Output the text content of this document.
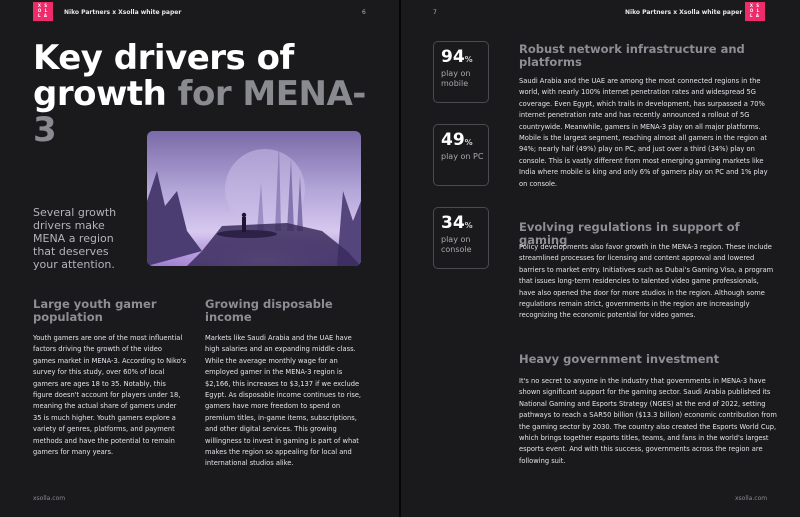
X S
O L
L A	Niko Partners x Xsolla white paper	6
Key drivers of
growth for MENA-3
Several growth drivers make MENA a region that deserves your attention.
Large youth gamer population

Youth gamers are one of the most influential factors driving the growth of the video games market in MENA-3. According to Niko's survey for this study, over 60% of local gamers are ages 18 to 35. Notably, this figure doesn't account for players under 18, meaning the actual share of gamers under 35 is much higher. Youth gamers explore a variety of genres, platforms, and payment methods and have the potential to remain gamers for many years.

Growing disposable income

Markets like Saudi Arabia and the UAE have high salaries and an expanding middle class. While the average monthly wage for an employed gamer in the MENA-3 region is $2,166, this increases to $3,137 if we exclude Egypt. As disposable income continues to rise, gamers have more freedom to spend on premium titles, in-game items, subscriptions, and other digital services. This growing willingness to invest in gaming is part of what makes the region so appealing for local and international studios alike.

xsolla.com
7	Niko Partners x Xsolla white paper
X S
O L
L A
94%
play on mobile
49%
play on PC
34%
play on console
Robust network infrastructure and platforms

Saudi Arabia and the UAE are among the most connected regions in the world, with nearly 100% internet penetration rates and widespread 5G coverage. Even Egypt, which trails in development, has surpassed a 70% internet penetration rate and has recently announced a rollout of 5G countrywide. Meanwhile, gamers in MENA-3 play on all major platforms. Mobile is the largest segment, reaching almost all gamers in the region at 94%; nearly half (49%) play on PC, and just over a third (34%) play on console. This is vastly different from most emerging gaming markets like India where mobile is king and only 6% of gamers play on PC and 1% play on console.

Evolving regulations in support of gaming

Policy developments also favor growth in the MENA-3 region. These include streamlined processes for licensing and content approval and lowered barriers to market entry. Initiatives such as Dubai's Gaming Visa, a program that issues long-term residencies to talented video game professionals, have also opened the door for more studios in the region. Although some regulations remain strict, governments in the region are increasingly recognizing the economic potential for video games.

Heavy government investment

It's no secret to anyone in the industry that governments in MENA-3 have shown significant support for the gaming sector. Saudi Arabia published its National Gaming and Esports Strategy (NGES) at the end of 2022, setting pathways to reach a SAR50 billion ($13.3 billion) economic contribution from the gaming sector by 2030. The country also created the Esports World Cup, which brings together esports titles, teams, and fans in the world's largest esports event. And with this success, governments across the region are following suit.

xsolla.com
